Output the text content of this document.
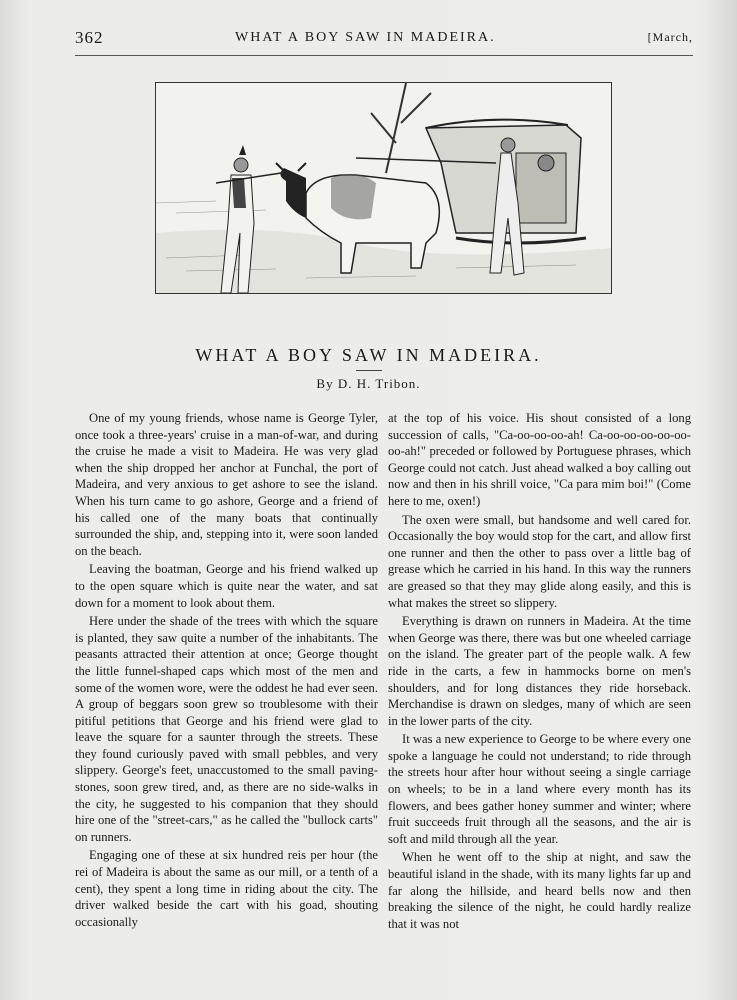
362	WHAT A BOY SAW IN MADEIRA.	[March,
WHAT A BOY SAW IN MADEIRA.
By D. H. Tribon.

One of my young friends, whose name is George Tyler, once took a three-years' cruise in a man-of-war, and during the cruise he made a visit to Madeira. He was very glad when the ship dropped her anchor at Funchal, the port of Madeira, and very anxious to get ashore to see the island. When his turn came to go ashore, George and a friend of his called one of the many boats that continually surrounded the ship, and, stepping into it, were soon landed on the beach.

Leaving the boatman, George and his friend walked up to the open square which is quite near the water, and sat down for a moment to look about them.

Here under the shade of the trees with which the square is planted, they saw quite a number of the inhabitants. The peasants attracted their attention at once; George thought the little funnel-shaped caps which most of the men and some of the women wore, were the oddest he had ever seen. A group of beggars soon grew so troublesome with their pitiful petitions that George and his friend were glad to leave the square for a saunter through the streets. These they found curiously paved with small pebbles, and very slippery. George's feet, unaccustomed to the small paving-stones, soon grew tired, and, as there are no side-walks in the city, he suggested to his companion that they should hire one of the "street-cars," as he called the "bullock carts" on runners.

Engaging one of these at six hundred reis per hour (the rei of Madeira is about the same as our mill, or a tenth of a cent), they spent a long time in riding about the city. The driver walked beside the cart with his goad, shouting occasionally

at the top of his voice. His shout consisted of a long succession of calls, "Ca-oo-oo-oo-ah! Ca-oo-oo-oo-oo-oo-oo-ah!" preceded or followed by Portuguese phrases, which George could not catch. Just ahead walked a boy calling out now and then in his shrill voice, "Ca para mim boi!" (Come here to me, oxen!)

The oxen were small, but handsome and well cared for. Occasionally the boy would stop for the cart, and allow first one runner and then the other to pass over a little bag of grease which he carried in his hand. In this way the runners are greased so that they may glide along easily, and this is what makes the street so slippery.

Everything is drawn on runners in Madeira. At the time when George was there, there was but one wheeled carriage on the island. The greater part of the people walk. A few ride in the carts, a few in hammocks borne on men's shoulders, and for long distances they ride horseback. Merchandise is drawn on sledges, many of which are seen in the lower parts of the city.

It was a new experience to George to be where every one spoke a language he could not understand; to ride through the streets hour after hour without seeing a single carriage on wheels; to be in a land where every month has its flowers, and bees gather honey summer and winter; where fruit succeeds fruit through all the seasons, and the air is soft and mild through all the year.

When he went off to the ship at night, and saw the beautiful island in the shade, with its many lights far up and far along the hillside, and heard bells now and then breaking the silence of the night, he could hardly realize that it was not
